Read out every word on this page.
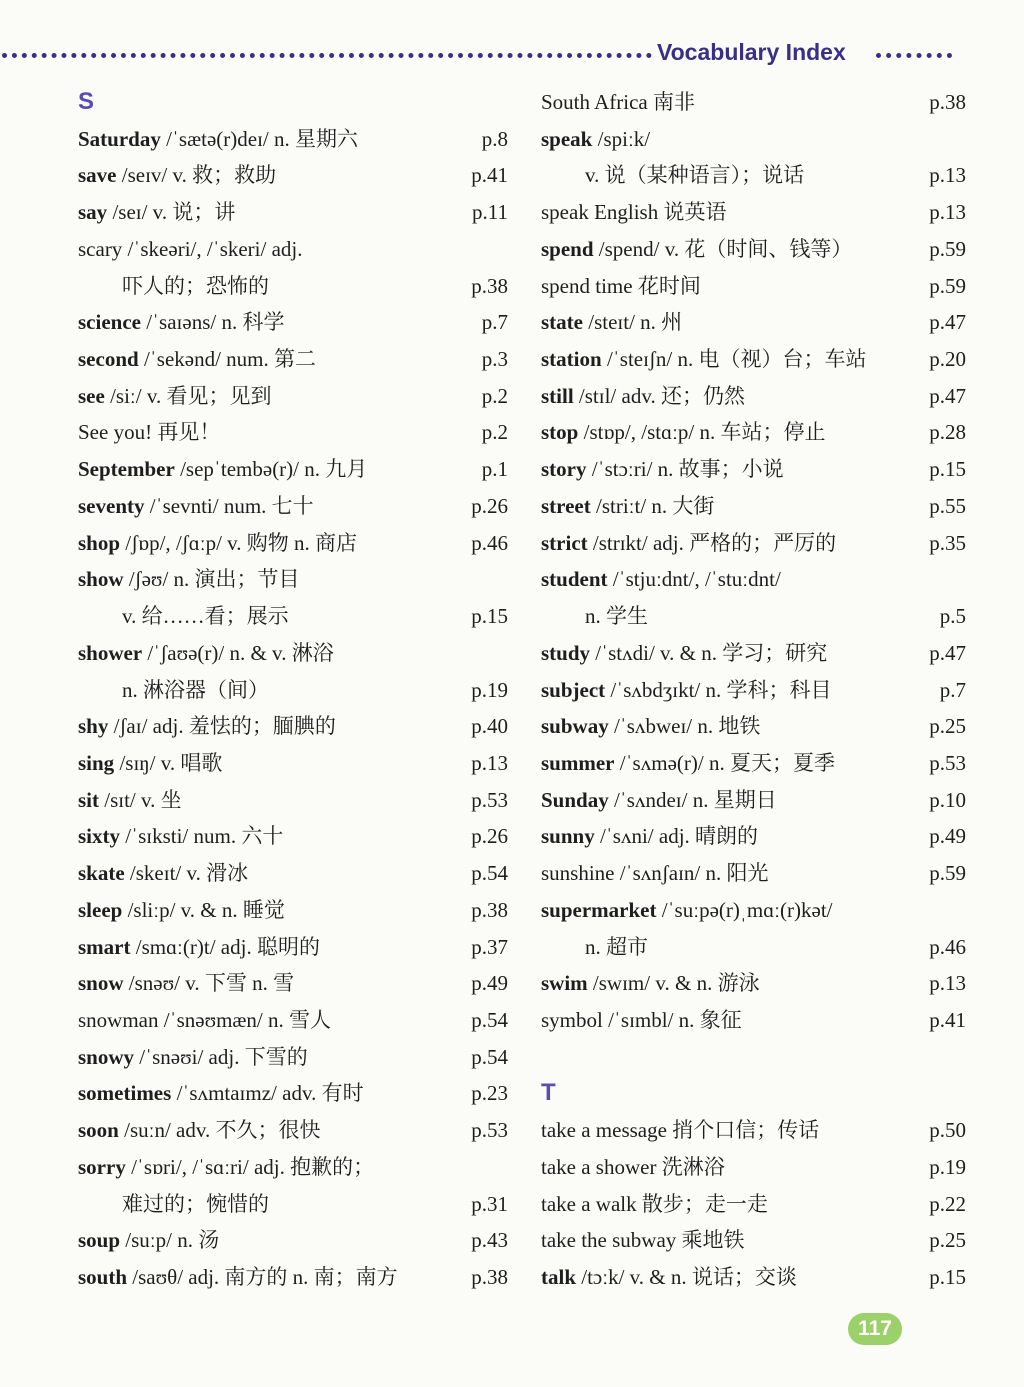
Vocabulary Index
S
Saturday /ˈsætə(r)deɪ/ n. 星期六	p.8
save /seɪv/ v. 救；救助	p.41
say /seɪ/ v. 说；讲	p.11
scary /ˈskeəri/, /ˈskeri/ adj.
吓人的；恐怖的	p.38
science /ˈsaɪəns/ n. 科学	p.7
second /ˈsekənd/ num. 第二	p.3
see /siː/ v. 看见；见到	p.2
See you! 再见！	p.2
September /sepˈtembə(r)/ n. 九月	p.1
seventy /ˈsevnti/ num. 七十	p.26
shop /ʃɒp/, /ʃɑːp/ v. 购物 n. 商店	p.46
show /ʃəʊ/ n. 演出；节目
v. 给……看；展示	p.15
shower /ˈʃaʊə(r)/ n. & v. 淋浴
n. 淋浴器（间）	p.19
shy /ʃaɪ/ adj. 羞怯的；腼腆的	p.40
sing /sɪŋ/ v. 唱歌	p.13
sit /sɪt/ v. 坐	p.53
sixty /ˈsɪksti/ num. 六十	p.26
skate /skeɪt/ v. 滑冰	p.54
sleep /sliːp/ v. & n. 睡觉	p.38
smart /smɑː(r)t/ adj. 聪明的	p.37
snow /snəʊ/ v. 下雪 n. 雪	p.49
snowman /ˈsnəʊmæn/ n. 雪人	p.54
snowy /ˈsnəʊi/ adj. 下雪的	p.54
sometimes /ˈsʌmtaɪmz/ adv. 有时	p.23
soon /suːn/ adv. 不久；很快	p.53
sorry /ˈsɒri/, /ˈsɑːri/ adj. 抱歉的；
难过的；惋惜的	p.31
soup /suːp/ n. 汤	p.43
south /saʊθ/ adj. 南方的 n. 南；南方	p.38
South Africa 南非	p.38
speak /spiːk/
v. 说（某种语言）；说话	p.13
speak English 说英语	p.13
spend /spend/ v. 花（时间、钱等）	p.59
spend time 花时间	p.59
state /steɪt/ n. 州	p.47
station /ˈsteɪʃn/ n. 电（视）台；车站	p.20
still /stɪl/ adv. 还；仍然	p.47
stop /stɒp/, /stɑːp/ n. 车站；停止	p.28
story /ˈstɔːri/ n. 故事；小说	p.15
street /striːt/ n. 大街	p.55
strict /strɪkt/ adj. 严格的；严厉的	p.35
student /ˈstjuːdnt/, /ˈstuːdnt/
n. 学生	p.5
study /ˈstʌdi/ v. & n. 学习；研究	p.47
subject /ˈsʌbdʒɪkt/ n. 学科；科目	p.7
subway /ˈsʌbweɪ/ n. 地铁	p.25
summer /ˈsʌmə(r)/ n. 夏天；夏季	p.53
Sunday /ˈsʌndeɪ/ n. 星期日	p.10
sunny /ˈsʌni/ adj. 晴朗的	p.49
sunshine /ˈsʌnʃaɪn/ n. 阳光	p.59
supermarket /ˈsuːpə(r)ˌmɑː(r)kət/
n. 超市	p.46
swim /swɪm/ v. & n. 游泳	p.13
symbol /ˈsɪmbl/ n. 象征	p.41
T
take a message 捎个口信；传话	p.50
take a shower 洗淋浴	p.19
take a walk 散步；走一走	p.22
take the subway 乘地铁	p.25
talk /tɔːk/ v. & n. 说话；交谈	p.15
117
